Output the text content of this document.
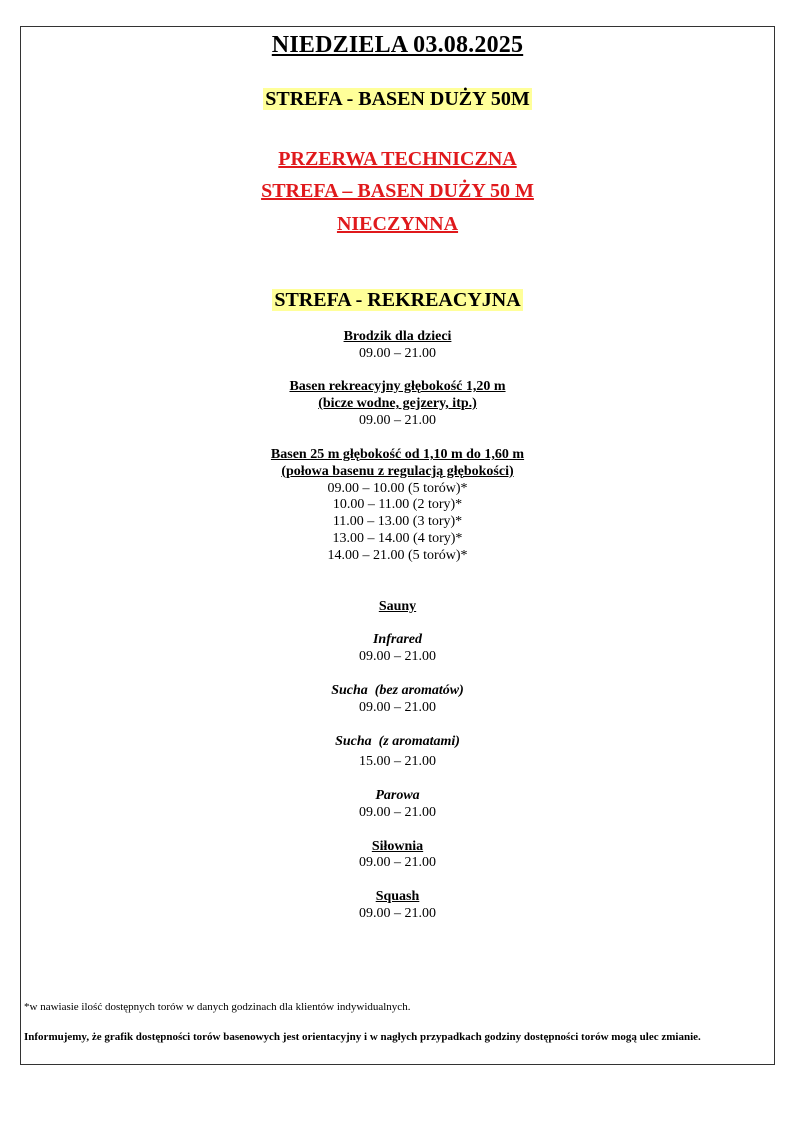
NIEDZIELA 03.08.2025
STREFA - BASEN DUŻY 50M
PRZERWA TECHNICZNA
STREFA – BASEN DUŻY 50 M
NIECZYNNA
STREFA - REKREACYJNA
Brodzik dla dzieci
09.00 – 21.00
Basen rekreacyjny głębokość 1,20 m
(bicze wodne, gejzery, itp.)
09.00 – 21.00
Basen 25 m głębokość od 1,10 m do 1,60 m
(połowa basenu z regulacją głębokości)
09.00 – 10.00 (5 torów)*
10.00 – 11.00 (2 tory)*
11.00 – 13.00 (3 tory)*
13.00 – 14.00 (4 tory)*
14.00 – 21.00 (5 torów)*
Sauny
Infrared
09.00 – 21.00
Sucha  (bez aromatów)
09.00 – 21.00
Sucha  (z aromatami)
15.00 – 21.00
Parowa
09.00 – 21.00
Siłownia
09.00 – 21.00
Squash
09.00 – 21.00
*w nawiasie ilość dostępnych torów w danych godzinach dla klientów indywidualnych.
Informujemy, że grafik dostępności torów basenowych jest orientacyjny i w nagłych przypadkach godziny dostępności torów mogą ulec zmianie.
